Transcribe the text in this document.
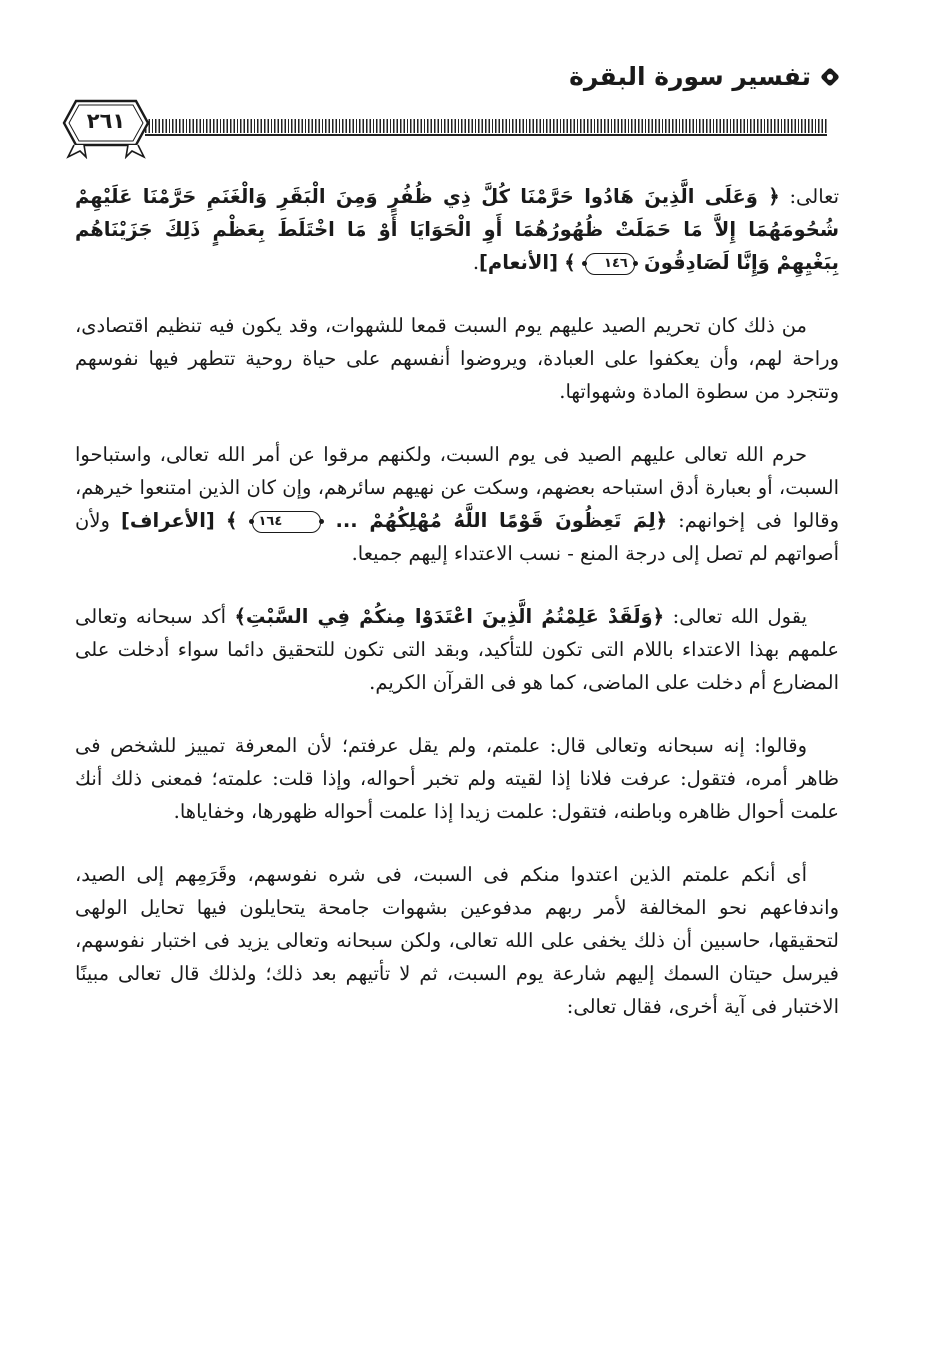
تفسير سورة البقرة
٢٦١

تعالى: ﴿ وَعَلَى الَّذِينَ هَادُوا حَرَّمْنَا كُلَّ ذِي ظُفُرٍ وَمِنَ الْبَقَرِ وَالْغَنَمِ حَرَّمْنَا عَلَيْهِمْ شُحُومَهُمَا إِلاَّ مَا حَمَلَتْ ظُهُورُهُمَا أَوِ الْحَوَايَا أَوْ مَا اخْتَلَطَ بِعَظْمٍ ذَلِكَ جَزَيْنَاهُم بِبَغْيِهِمْ وَإِنَّا لَصَادِقُونَ ١٤٦ ﴾ [الأنعام].

من ذلك كان تحريم الصيد عليهم يوم السبت قمعا للشهوات، وقد يكون فيه تنظيم اقتصادى، وراحة لهم، وأن يعكفوا على العبادة، ويروضوا أنفسهم على حياة روحية تتطهر فيها نفوسهم وتتجرد من سطوة المادة وشهواتها.

حرم الله تعالى عليهم الصيد فى يوم السبت، ولكنهم مرقوا عن أمر الله تعالى، واستباحوا السبت، أو بعبارة أدق استباحه بعضهم، وسكت عن نهيهم سائرهم، وإن كان الذين امتنعوا خيرهم، وقالوا فى إخوانهم: ﴿لِمَ تَعِظُونَ قَوْمًا اللَّهُ مُهْلِكُهُمْ ... ١٦٤ ﴾ [الأعراف] ولأن أصواتهم لم تصل إلى درجة المنع - نسب الاعتداء إليهم جميعا.

يقول الله تعالى: ﴿وَلَقَدْ عَلِمْتُمُ الَّذِينَ اعْتَدَوْا مِنكُمْ فِي السَّبْتِ﴾ أكد سبحانه وتعالى علمهم بهذا الاعتداء باللام التى تكون للتأكيد، وبقد التى تكون للتحقيق دائما سواء أدخلت على المضارع أم دخلت على الماضى، كما هو فى القرآن الكريم.

وقالوا: إنه سبحانه وتعالى قال: علمتم، ولم يقل عرفتم؛ لأن المعرفة تمييز للشخص فى ظاهر أمره، فتقول: عرفت فلانا إذا لقيته ولم تخبر أحواله، وإذا قلت: علمته؛ فمعنى ذلك أنك علمت أحوال ظاهره وباطنه، فتقول: علمت زيدا إذا علمت أحواله ظهورها، وخفاياها.

أى أنكم علمتم الذين اعتدوا منكم فى السبت، فى شره نفوسهم، وقَرَمِهم إلى الصيد، واندفاعهم نحو المخالفة لأمر ربهم مدفوعين بشهوات جامحة يتحايلون فيها تحايل الولهى لتحقيقها، حاسبين أن ذلك يخفى على الله تعالى، ولكن سبحانه وتعالى يزيد فى اختبار نفوسهم، فيرسل حيتان السمك إليهم شارعة يوم السبت، ثم لا تأتيهم بعد ذلك؛ ولذلك قال تعالى مبينًا الاختبار فى آية أخرى، فقال تعالى:
